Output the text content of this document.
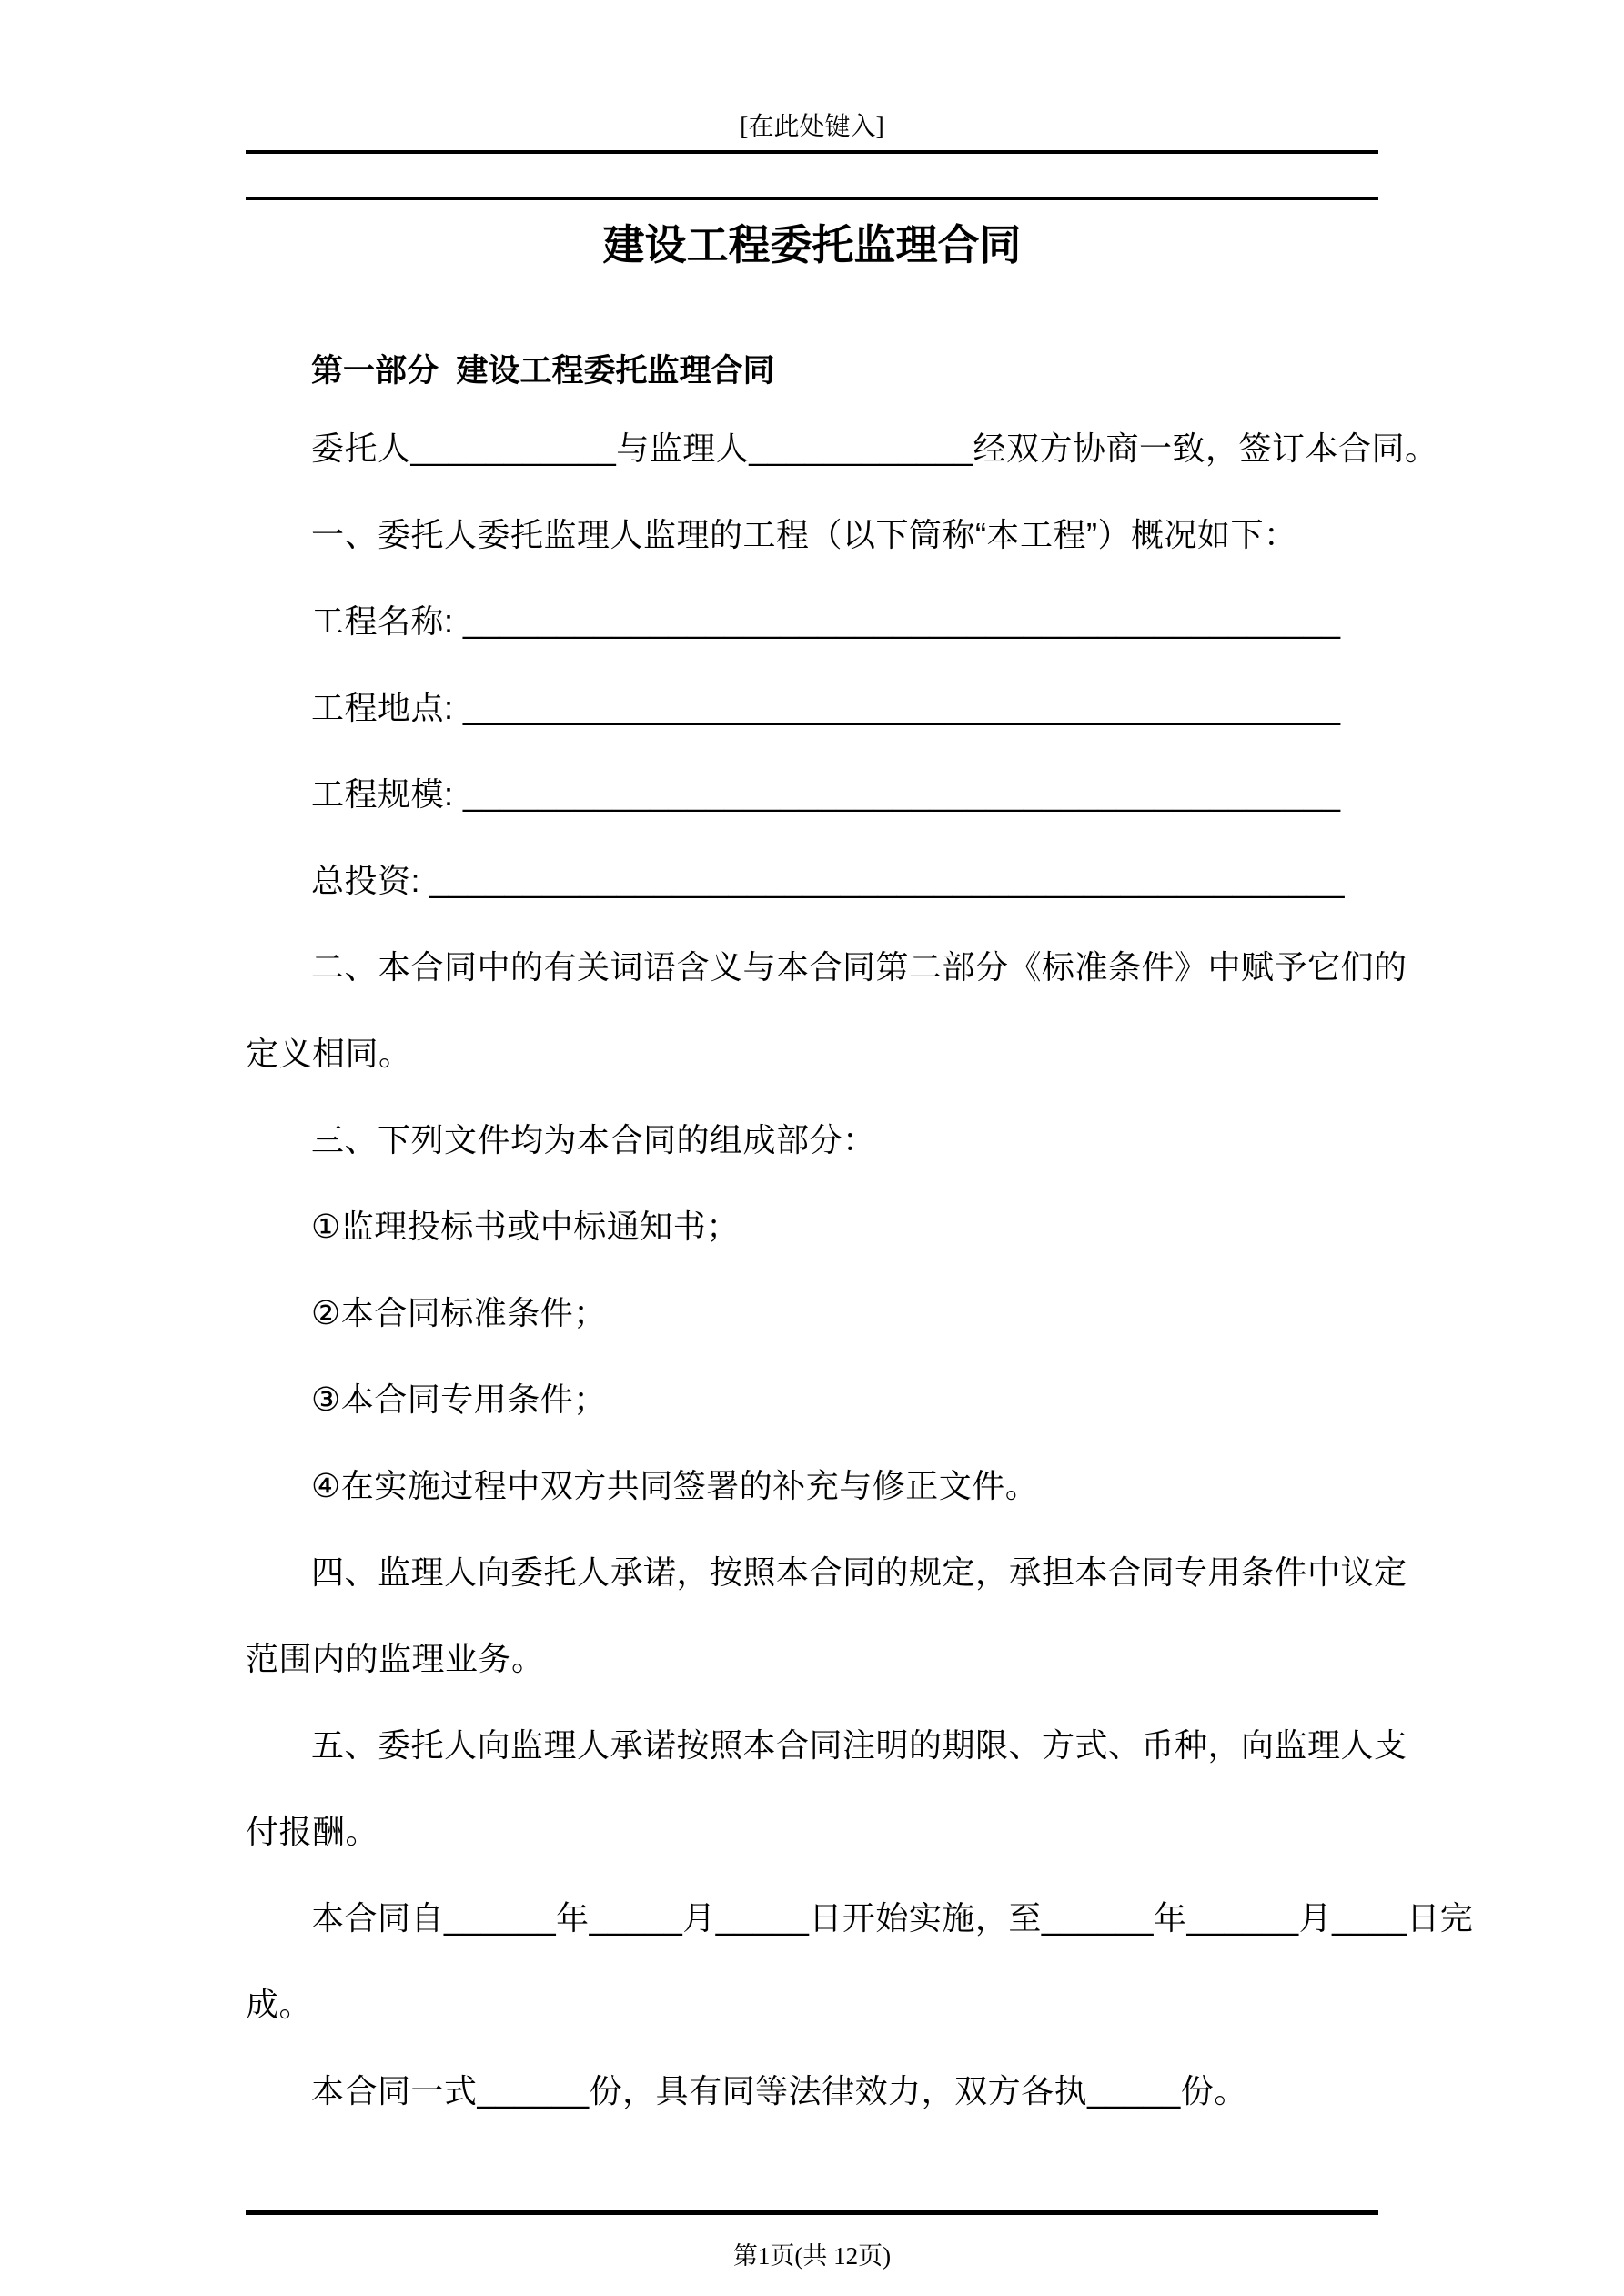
[在此处键入]
建设工程委托监理合同
第一部分  建设工程委托监理合同
委托人___________与监理人____________经双方协商一致，签订本合同。
一、委托人委托监理人监理的工程（以下筒称“本工程”）概况如下：
工程名称: _______________________________________________
工程地点: _______________________________________________
工程规模: _______________________________________________
总投资: _________________________________________________
二、本合同中的有关词语含义与本合同第二部分《标准条件》中赋予它们的
定义相同。
三、下列文件均为本合同的组成部分：
①监理投标书或中标通知书；
②本合同标准条件；
③本合同专用条件；
④在实施过程中双方共同签署的补充与修正文件。
四、监理人向委托人承诺，按照本合同的规定，承担本合同专用条件中议定
范围内的监理业务。
五、委托人向监理人承诺按照本合同注明的期限、方式、币种，向监理人支
付报酬。
本合同自______年_____月_____日开始实施，至______年______月____日完
成。
本合同一式______份，具有同等法律效力，双方各执_____份。
第1页(共 12页)
